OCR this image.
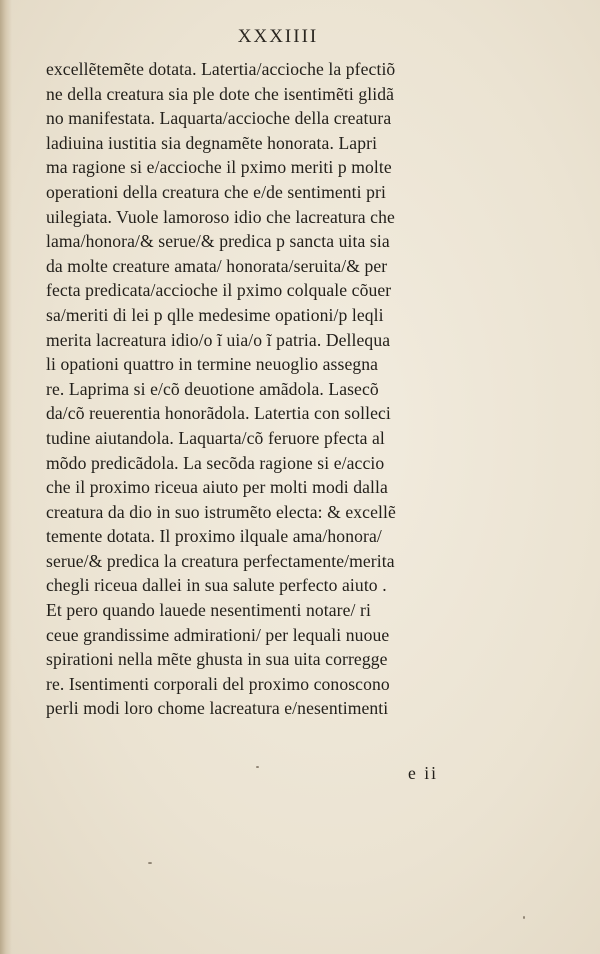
XXXIIII
excellẽtemẽte dotata. Latertia/accioche la pfectiõ
ne della creatura sia ple dote che isentimẽti glidã
no manifestata. Laquarta/accioche della creatura
ladiuina iustitia sia degnamẽte honorata. Lapri
ma ragione si e/accioche il pximo meriti p molte
operationi della creatura che e/de sentimenti pri
uilegiata. Vuole lamoroso idio che lacreatura che
lama/honora/& serue/& predica p sancta uita sia
da molte creature amata/ honorata/seruita/& per
fecta predicata/accioche il pximo colquale cõuer
sa/meriti di lei p qlle medesime opationi/p leqli
merita lacreatura idio/o ĩ uia/o ĩ patria. Dellequa
li opationi quattro in termine neuoglio assegna
re. Laprima si e/cõ deuotione amãdola. Lasecõ
da/cõ reuerentia honorãdola. Latertia con solleci
tudine aiutandola. Laquarta/cõ feruore pfecta al
mõdo predicãdola. La secõda ragione si e/accio
che il proximo riceua aiuto per molti modi dalla
creatura da dio in suo istrumẽto electa: & excellẽ
temente dotata. Il proximo ilquale ama/honora/
serue/& predica la creatura perfectamente/merita
chegli riceua dallei in sua salute perfecto aiuto .
Et pero quando lauede nesentimenti notare/ ri
ceue grandissime admirationi/ per lequali nuoue
spirationi nella mẽte ghusta in sua uita corregge
re. Isentimenti corporali del proximo conoscono
perli modi loro chome lacreatura e/nesentimenti
e ii
